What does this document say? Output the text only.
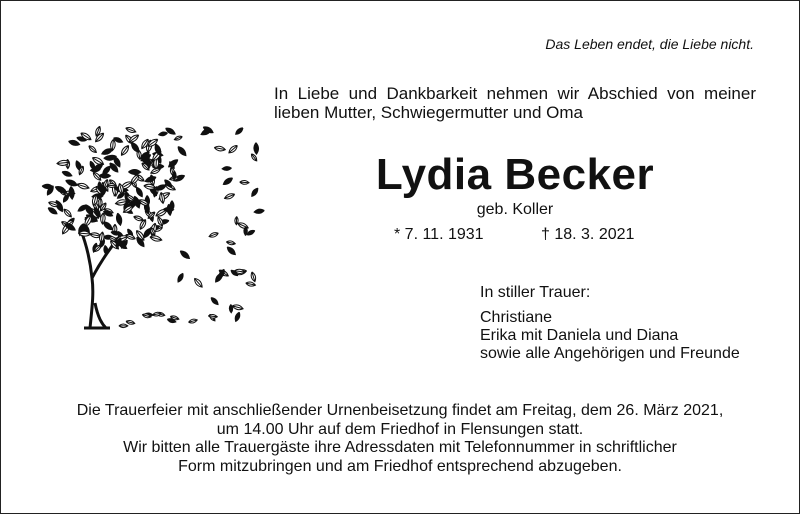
Das Leben endet, die Liebe nicht.
In Liebe und Dankbarkeit nehmen wir Abschied von meiner
lieben Mutter, Schwiegermutter und Oma
Lydia Becker
geb. Koller
* 7. 11. 1931	† 18. 3. 2021
In stiller Trauer:
Christiane
Erika mit Daniela und Diana
sowie alle Angehörigen und Freunde
Die Trauerfeier mit anschließender Urnenbeisetzung findet am Freitag, dem 26. März 2021,
um 14.00 Uhr auf dem Friedhof in Flensungen statt.
Wir bitten alle Trauergäste ihre Adressdaten mit Telefonnummer in schriftlicher
Form mitzubringen und am Friedhof entsprechend abzugeben.
